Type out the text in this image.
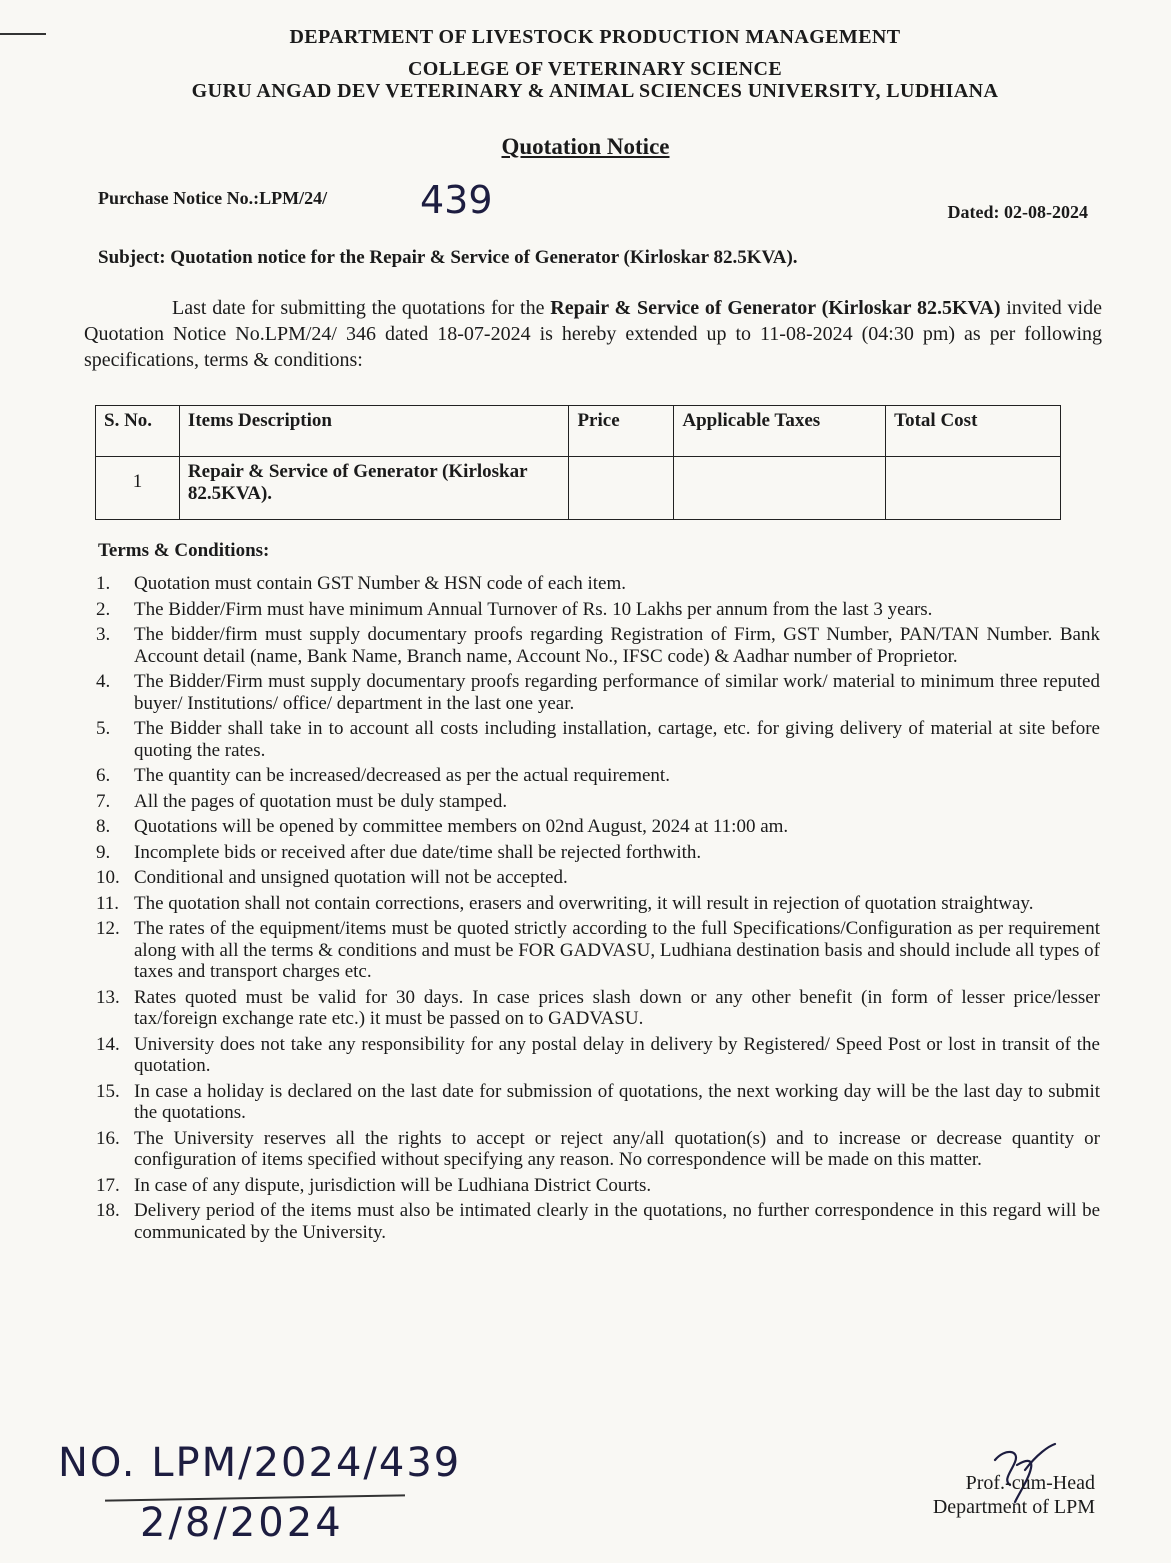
DEPARTMENT OF LIVESTOCK PRODUCTION MANAGEMENT
COLLEGE OF VETERINARY SCIENCE
GURU ANGAD DEV VETERINARY & ANIMAL SCIENCES UNIVERSITY, LUDHIANA
Quotation Notice
Purchase Notice No.:LPM/24/ 439	Dated: 02-08-2024
Subject: Quotation notice for the Repair & Service of Generator (Kirloskar 82.5KVA).
Last date for submitting the quotations for the Repair & Service of Generator (Kirloskar 82.5KVA) invited vide Quotation Notice No.LPM/24/ 346 dated 18-07-2024 is hereby extended up to 11-08-2024 (04:30 pm) as per following specifications, terms & conditions:
S. No.	Items Description	Price	Applicable Taxes	Total Cost
1	Repair & Service of Generator (Kirloskar 82.5KVA).			
Terms & Conditions:
1.	Quotation must contain GST Number & HSN code of each item.
2.	The Bidder/Firm must have minimum Annual Turnover of Rs. 10 Lakhs per annum from the last 3 years.
3.	The bidder/firm must supply documentary proofs regarding Registration of Firm, GST Number, PAN/TAN Number. Bank Account detail (name, Bank Name, Branch name, Account No., IFSC code) & Aadhar number of Proprietor.
4.	The Bidder/Firm must supply documentary proofs regarding performance of similar work/ material to minimum three reputed buyer/ Institutions/ office/ department in the last one year.
5.	The Bidder shall take in to account all costs including installation, cartage, etc. for giving delivery of material at site before quoting the rates.
6.	The quantity can be increased/decreased as per the actual requirement.
7.	All the pages of quotation must be duly stamped.
8.	Quotations will be opened by committee members on 02nd August, 2024 at 11:00 am.
9.	Incomplete bids or received after due date/time shall be rejected forthwith.
10. Conditional and unsigned quotation will not be accepted.
11. The quotation shall not contain corrections, erasers and overwriting, it will result in rejection of quotation straightway.
12. The rates of the equipment/items must be quoted strictly according to the full Specifications/Configuration as per requirement along with all the terms & conditions and must be FOR GADVASU, Ludhiana destination basis and should include all types of taxes and transport charges etc.
13. Rates quoted must be valid for 30 days. In case prices slash down or any other benefit (in form of lesser price/lesser tax/foreign exchange rate etc.) it must be passed on to GADVASU.
14. University does not take any responsibility for any postal delay in delivery by Registered/ Speed Post or lost in transit of the quotation.
15. In case a holiday is declared on the last date for submission of quotations, the next working day will be the last day to submit the quotations.
16. The University reserves all the rights to accept or reject any/all quotation(s) and to increase or decrease quantity or configuration of items specified without specifying any reason. No correspondence will be made on this matter.
17. In case of any dispute, jurisdiction will be Ludhiana District Courts.
18. Delivery period of the items must also be intimated clearly in the quotations, no further correspondence in this regard will be communicated by the University.
NO. LPM/2024/439
2/8/2024
Prof.-cum-Head
Department of LPM
